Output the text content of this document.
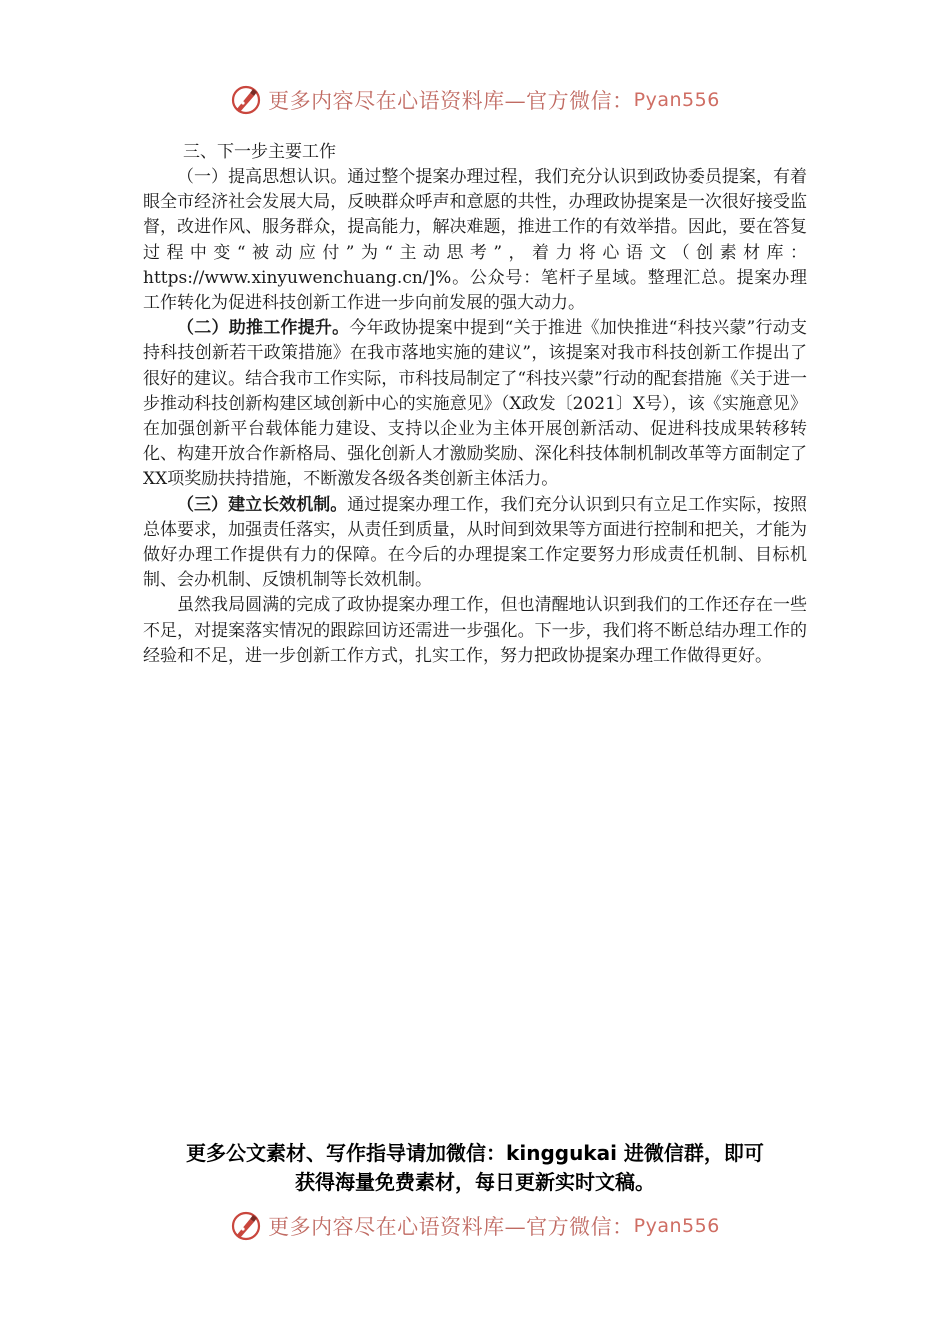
更多内容尽在心语资料库—官方微信： Pyan556

三、下一步主要工作

（一）提高思想认识。通过整个提案办理过程，我们充分认识到政协委员提案，有着眼全市经济社会发展大局，反映群众呼声和意愿的共性，办理政协提案是一次很好接受监督，改进作风、服务群众，提高能力，解决难题，推进工作的有效举措。因此，要在答复过程中变“被动应付”为“主动思考”，着力将心语文（创素材库：https://www.xinyuwenchuang.cn/]%。公众号：笔杆子星域。整理汇总。提案办理工作转化为促进科技创新工作进一步向前发展的强大动力。

（二）助推工作提升。今年政协提案中提到“关于推进《加快推进“科技兴蒙”行动支持科技创新若干政策措施》在我市落地实施的建议”，该提案对我市科技创新工作提出了很好的建议。结合我市工作实际，市科技局制定了“科技兴蒙”行动的配套措施《关于进一步推动科技创新构建区域创新中心的实施意见》（X政发〔2021〕X号），该《实施意见》在加强创新平台载体能力建设、支持以企业为主体开展创新活动、促进科技成果转移转化、构建开放合作新格局、强化创新人才激励奖励、深化科技体制机制改革等方面制定了XX项奖励扶持措施，不断激发各级各类创新主体活力。

（三）建立长效机制。通过提案办理工作，我们充分认识到只有立足工作实际，按照总体要求，加强责任落实，从责任到质量，从时间到效果等方面进行控制和把关，才能为做好办理工作提供有力的保障。在今后的办理提案工作定要努力形成责任机制、目标机制、会办机制、反馈机制等长效机制。

虽然我局圆满的完成了政协提案办理工作，但也清醒地认识到我们的工作还存在一些不足，对提案落实情况的跟踪回访还需进一步强化。下一步，我们将不断总结办理工作的经验和不足，进一步创新工作方式，扎实工作，努力把政协提案办理工作做得更好。

更多公文素材、写作指导请加微信：kinggukai 进微信群，即可
获得海量免费素材，每日更新实时文稿。
更多内容尽在心语资料库—官方微信： Pyan556
